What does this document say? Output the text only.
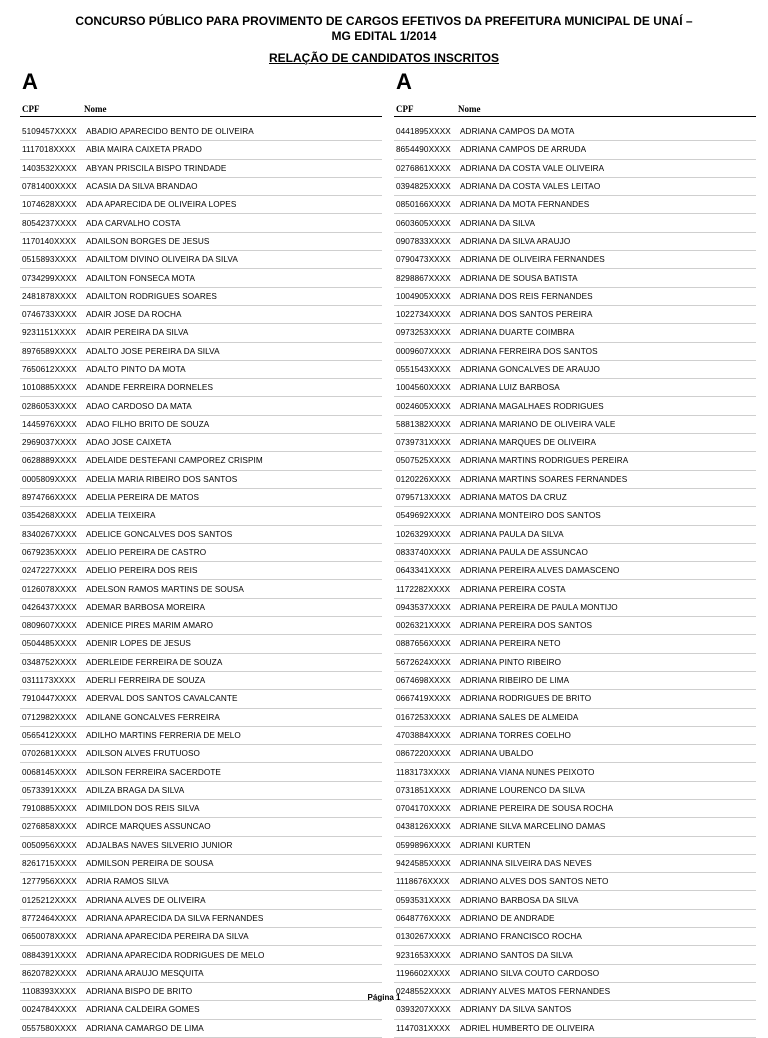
CONCURSO PÚBLICO PARA PROVIMENTO DE CARGOS EFETIVOS DA PREFEITURA MUNICIPAL DE UNAÍ –
MG EDITAL 1/2014
RELAÇÃO DE CANDIDATOS INSCRITOS
A
CPF	Nome
5109457XXXX	ABADIO APARECIDO BENTO DE OLIVEIRA
1117018XXXX	ABIA MAIRA CAIXETA PRADO
1403532XXXX	ABYAN PRISCILA BISPO TRINDADE
0781400XXXX	ACASIA DA SILVA BRANDAO
1074628XXXX	ADA APARECIDA DE OLIVEIRA LOPES
8054237XXXX	ADA CARVALHO COSTA
1170140XXXX	ADAILSON BORGES DE JESUS
0515893XXXX	ADAILTOM DIVINO OLIVEIRA DA SILVA
0734299XXXX	ADAILTON FONSECA MOTA
2481878XXXX	ADAILTON RODRIGUES SOARES
0746733XXXX	ADAIR JOSE DA ROCHA
9231151XXXX	ADAIR PEREIRA DA SILVA
8976589XXXX	ADALTO JOSE PEREIRA DA SILVA
7650612XXXX	ADALTO PINTO DA MOTA
1010885XXXX	ADANDE FERREIRA DORNELES
0286053XXXX	ADAO CARDOSO DA MATA
1445976XXXX	ADAO FILHO BRITO DE SOUZA
2969037XXXX	ADAO JOSE CAIXETA
0628889XXXX	ADELAIDE DESTEFANI CAMPOREZ CRISPIM
0005809XXXX	ADELIA MARIA RIBEIRO DOS SANTOS
8974766XXXX	ADELIA PEREIRA DE MATOS
0354268XXXX	ADELIA TEIXEIRA
8340267XXXX	ADELICE GONCALVES DOS SANTOS
0679235XXXX	ADELIO PEREIRA DE CASTRO
0247227XXXX	ADELIO PEREIRA DOS REIS
0126078XXXX	ADELSON RAMOS MARTINS DE SOUSA
0426437XXXX	ADEMAR BARBOSA MOREIRA
0809607XXXX	ADENICE PIRES MARIM AMARO
0504485XXXX	ADENIR LOPES DE JESUS
0348752XXXX	ADERLEIDE FERREIRA DE SOUZA
0311173XXXX	ADERLI FERREIRA DE SOUZA
7910447XXXX	ADERVAL DOS SANTOS CAVALCANTE
0712982XXXX	ADILANE GONCALVES FERREIRA
0565412XXXX	ADILHO MARTINS FERRERIA DE MELO
0702681XXXX	ADILSON ALVES FRUTUOSO
0068145XXXX	ADILSON FERREIRA SACERDOTE
0573391XXXX	ADILZA BRAGA DA SILVA
7910885XXXX	ADIMILDON DOS REIS SILVA
0276858XXXX	ADIRCE MARQUES ASSUNCAO
0050956XXXX	ADJALBAS NAVES SILVERIO JUNIOR
8261715XXXX	ADMILSON PEREIRA DE SOUSA
1277956XXXX	ADRIA RAMOS SILVA
0125212XXXX	ADRIANA ALVES DE OLIVEIRA
8772464XXXX	ADRIANA APARECIDA DA SILVA FERNANDES
0650078XXXX	ADRIANA APARECIDA PEREIRA DA SILVA
0884391XXXX	ADRIANA APARECIDA RODRIGUES DE MELO
8620782XXXX	ADRIANA ARAUJO MESQUITA
1108393XXXX	ADRIANA BISPO DE BRITO
0024784XXXX	ADRIANA CALDEIRA GOMES
0557580XXXX	ADRIANA CAMARGO DE LIMA
A
CPF	Nome
0441895XXXX	ADRIANA CAMPOS DA MOTA
8654490XXXX	ADRIANA CAMPOS DE ARRUDA
0276861XXXX	ADRIANA DA COSTA VALE OLIVEIRA
0394825XXXX	ADRIANA DA COSTA VALES LEITAO
0850166XXXX	ADRIANA DA MOTA FERNANDES
0603605XXXX	ADRIANA DA SILVA
0907833XXXX	ADRIANA DA SILVA ARAUJO
0790473XXXX	ADRIANA DE OLIVEIRA FERNANDES
8298867XXXX	ADRIANA DE SOUSA BATISTA
1004905XXXX	ADRIANA DOS REIS FERNANDES
1022734XXXX	ADRIANA DOS SANTOS PEREIRA
0973253XXXX	ADRIANA DUARTE COIMBRA
0009607XXXX	ADRIANA FERREIRA DOS SANTOS
0551543XXXX	ADRIANA GONCALVES DE ARAUJO
1004560XXXX	ADRIANA LUIZ BARBOSA
0024605XXXX	ADRIANA MAGALHAES RODRIGUES
5881382XXXX	ADRIANA MARIANO DE OLIVEIRA VALE
0739731XXXX	ADRIANA MARQUES DE OLIVEIRA
0507525XXXX	ADRIANA MARTINS RODRIGUES PEREIRA
0120226XXXX	ADRIANA MARTINS SOARES FERNANDES
0795713XXXX	ADRIANA MATOS DA CRUZ
0549692XXXX	ADRIANA MONTEIRO DOS SANTOS
1026329XXXX	ADRIANA PAULA DA SILVA
0833740XXXX	ADRIANA PAULA DE ASSUNCAO
0643341XXXX	ADRIANA PEREIRA ALVES DAMASCENO
1172282XXXX	ADRIANA PEREIRA COSTA
0943537XXXX	ADRIANA PEREIRA DE PAULA MONTIJO
0026321XXXX	ADRIANA PEREIRA DOS SANTOS
0887656XXXX	ADRIANA PEREIRA NETO
5672624XXXX	ADRIANA PINTO RIBEIRO
0674698XXXX	ADRIANA RIBEIRO DE LIMA
0667419XXXX	ADRIANA RODRIGUES DE BRITO
0167253XXXX	ADRIANA SALES DE ALMEIDA
4703884XXXX	ADRIANA TORRES COELHO
0867220XXXX	ADRIANA UBALDO
1183173XXXX	ADRIANA VIANA NUNES PEIXOTO
0731851XXXX	ADRIANE LOURENCO DA SILVA
0704170XXXX	ADRIANE PEREIRA DE SOUSA ROCHA
0438126XXXX	ADRIANE SILVA MARCELINO DAMAS
0599896XXXX	ADRIANI KURTEN
9424585XXXX	ADRIANNA SILVEIRA DAS NEVES
1118676XXXX	ADRIANO ALVES DOS SANTOS NETO
0593531XXXX	ADRIANO BARBOSA DA SILVA
0648776XXXX	ADRIANO DE ANDRADE
0130267XXXX	ADRIANO FRANCISCO ROCHA
9231653XXXX	ADRIANO SANTOS DA SILVA
1196602XXXX	ADRIANO SILVA COUTO CARDOSO
0248552XXXX	ADRIANY ALVES MATOS FERNANDES
0393207XXXX	ADRIANY DA SILVA SANTOS
1147031XXXX	ADRIEL HUMBERTO DE OLIVEIRA
Página 1
